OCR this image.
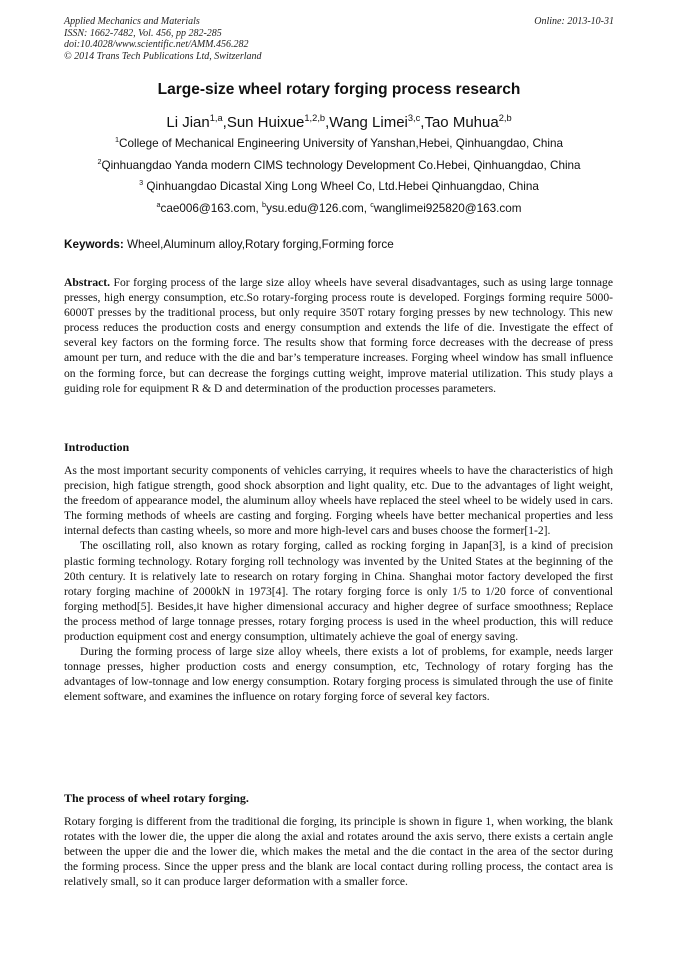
Applied Mechanics and Materials
ISSN: 1662-7482, Vol. 456, pp 282-285
doi:10.4028/www.scientific.net/AMM.456.282
© 2014 Trans Tech Publications Ltd, Switzerland
Online: 2013-10-31
Large-size wheel rotary forging process research
Li Jian$^{1,a}$,Sun Huixue$^{1,2,b}$,Wang Limei$^{3,c}$,Tao Muhua$^{2,b}$
$^1$College of Mechanical Engineering University of Yanshan,Hebei, Qinhuangdao, China
$^2$Qinhuangdao Yanda modern CIMS technology Development Co.Hebei, Qinhuangdao, China
$^3$ Qinhuangdao Dicastal Xing Long Wheel Co, Ltd.Hebei Qinhuangdao, China
$^a$cae006@163.com, $^b$ysu.edu@126.com, $^c$wanglimei925820@163.com
Keywords: Wheel,Aluminum alloy,Rotary forging,Forming force

Abstract. For forging process of the large size alloy wheels have several disadvantages, such as using large tonnage presses, high energy consumption, etc.So rotary-forging process route is developed. Forgings forming require 5000-6000T presses by the traditional process, but only require 350T rotary forging presses by new technology. This new process reduces the production costs and energy consumption and extends the life of die. Investigate the effect of several key factors on the forming force. The results show that forming force decreases with the decrease of press amount per turn, and reduce with the die and bar’s temperature increases. Forging wheel window has small influence on the forming force, but can decrease the forgings cutting weight, improve material utilization. This study plays a guiding role for equipment R & D and determination of the production processes parameters.

Introduction

As the most important security components of vehicles carrying, it requires wheels to have the characteristics of high precision, high fatigue strength, good shock absorption and light quality, etc. Due to the advantages of light weight, the freedom of appearance model, the aluminum alloy wheels have replaced the steel wheel to be widely used in cars. The forming methods of wheels are casting and forging. Forging wheels have better mechanical properties and less internal defects than casting wheels, so more and more high-level cars and buses choose the former[1-2].

The oscillating roll, also known as rotary forging, called as rocking forging in Japan[3], is a kind of precision plastic forming technology. Rotary forging roll technology was invented by the United States at the beginning of the 20th century. It is relatively late to research on rotary forging in China. Shanghai motor factory developed the first rotary forging machine of 2000kN in 1973[4]. The rotary forging force is only 1/5 to 1/20 force of conventional forging method[5]. Besides,it have higher dimensional accuracy and higher degree of surface smoothness; Replace the process method of large tonnage presses, rotary forging process is used in the wheel production, this will reduce production equipment cost and energy consumption, ultimately achieve the goal of energy saving.

During the forming process of large size alloy wheels, there exists a lot of problems, for example, needs larger tonnage presses, higher production costs and energy consumption, etc, Technology of rotary forging has the advantages of low-tonnage and low energy consumption. Rotary forging process is simulated through the use of finite element software, and examines the influence on rotary forging force of several key factors.

The process of wheel rotary forging.

Rotary forging is different from the traditional die forging, its principle is shown in figure 1, when working, the blank rotates with the lower die, the upper die along the axial and rotates around the axis servo, there exists a certain angle between the upper die and the lower die, which makes the metal and the die contact in the area of the sector during the forming process. Since the upper press and the blank are local contact during rolling process, the contact area is relatively small, so it can produce larger deformation with a smaller force.
